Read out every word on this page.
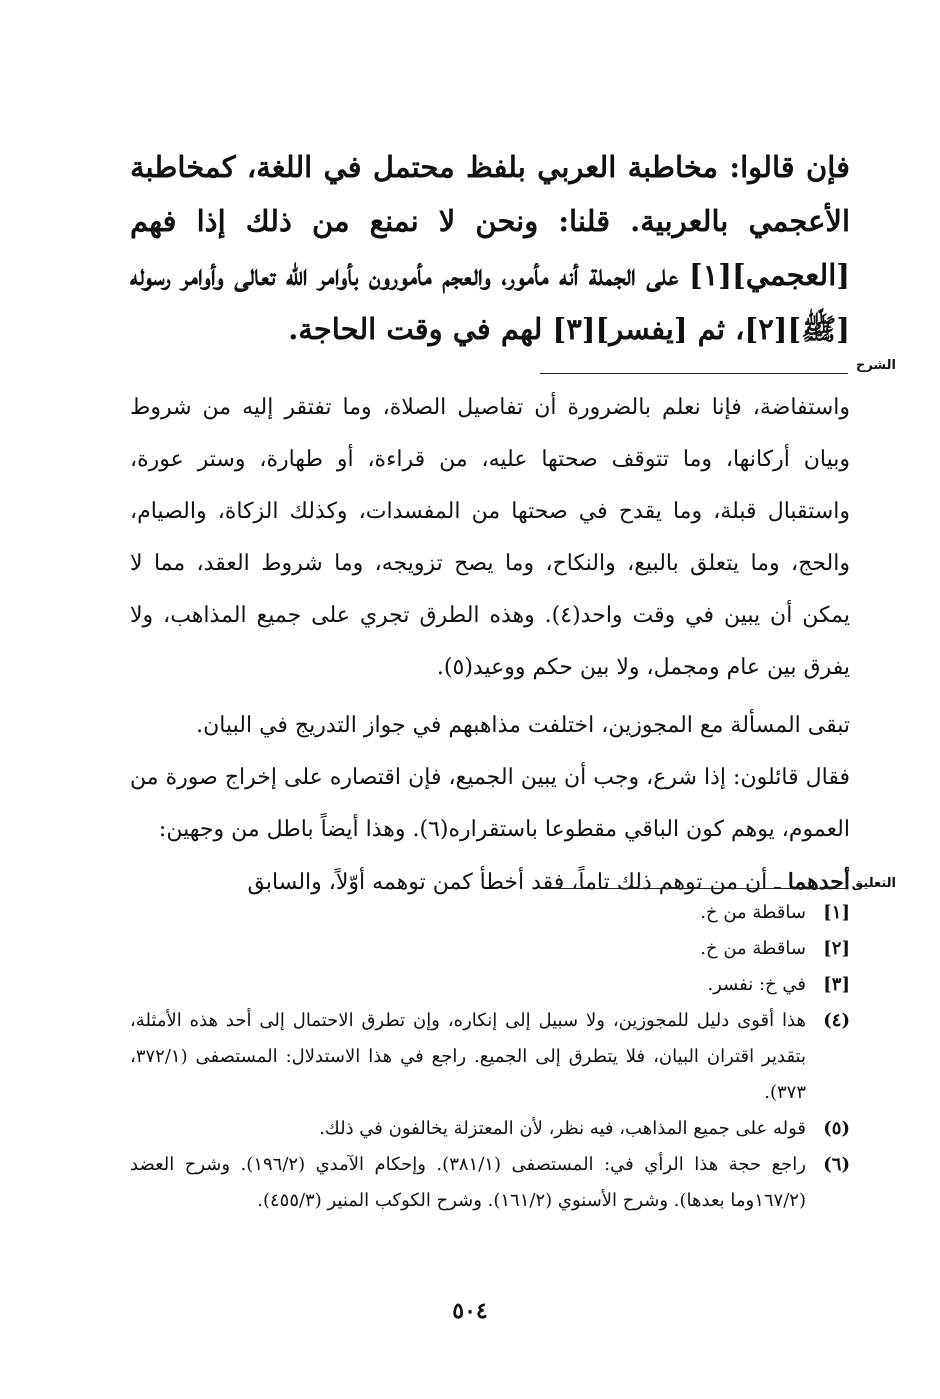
فإن قالوا: مخاطبة العربي بلفظ محتمل في اللغة، كمخاطبة الأعجمي بالعربية. قلنا: ونحن لا نمنع من ذلك إذا فهم [العجمي][١] على الجملة أنه مأمور، والعجم مأمورون بأوامر الله تعالى وأوامر رسوله [ﷺ][٢]، ثم [يفسر][٣] لهم في وقت الحاجة.

الشرح

واستفاضة، فإنا نعلم بالضرورة أن تفاصيل الصلاة، وما تفتقر إليه من شروط وبيان أركانها، وما تتوقف صحتها عليه، من قراءة، أو طهارة، وستر عورة، واستقبال قبلة، وما يقدح في صحتها من المفسدات، وكذلك الزكاة، والصيام، والحج، وما يتعلق بالبيع، والنكاح، وما يصح تزويجه، وما شروط العقد، مما لا يمكن أن يبين في وقت واحد(٤). وهذه الطرق تجري على جميع المذاهب، ولا يفرق بين عام ومجمل، ولا بين حكم ووعيد(٥).

تبقى المسألة مع المجوزين، اختلفت مذاهبهم في جواز التدريج في البيان.

فقال قائلون: إذا شرع، وجب أن يبين الجميع، فإن اقتصاره على إخراج صورة من العموم، يوهم كون الباقي مقطوعا باستقراره(٦). وهذا أيضاً باطل من وجهين:

أحدهما ـ أن من توهم ذلك تاماً، فقد أخطأ كمن توهمه أوّلاً، والسابق	التعليق
[١]
ساقطة من خ.
[٢]
ساقطة من خ.
[٣]
في خ: نفسر.
(٤)
هذا أقوى دليل للمجوزين، ولا سبيل إلى إنكاره، وإن تطرق الاحتمال إلى أحد هذه الأمثلة، بتقدير اقتران البيان، فلا يتطرق إلى الجميع. راجع في هذا الاستدلال: المستصفى (٣٧٢/١، ٣٧٣).
(٥)
قوله على جميع المذاهب، فيه نظر، لأن المعتزلة يخالفون في ذلك.
(٦)
راجع حجة هذا الرأي في: المستصفى (٣٨١/١). وإحكام الآمدي (١٩٦/٢). وشرح العضد (١٦٧/٢وما بعدها). وشرح الأسنوي (١٦١/٢). وشرح الكوكب المنير (٤٥٥/٣).
٥٠٤
